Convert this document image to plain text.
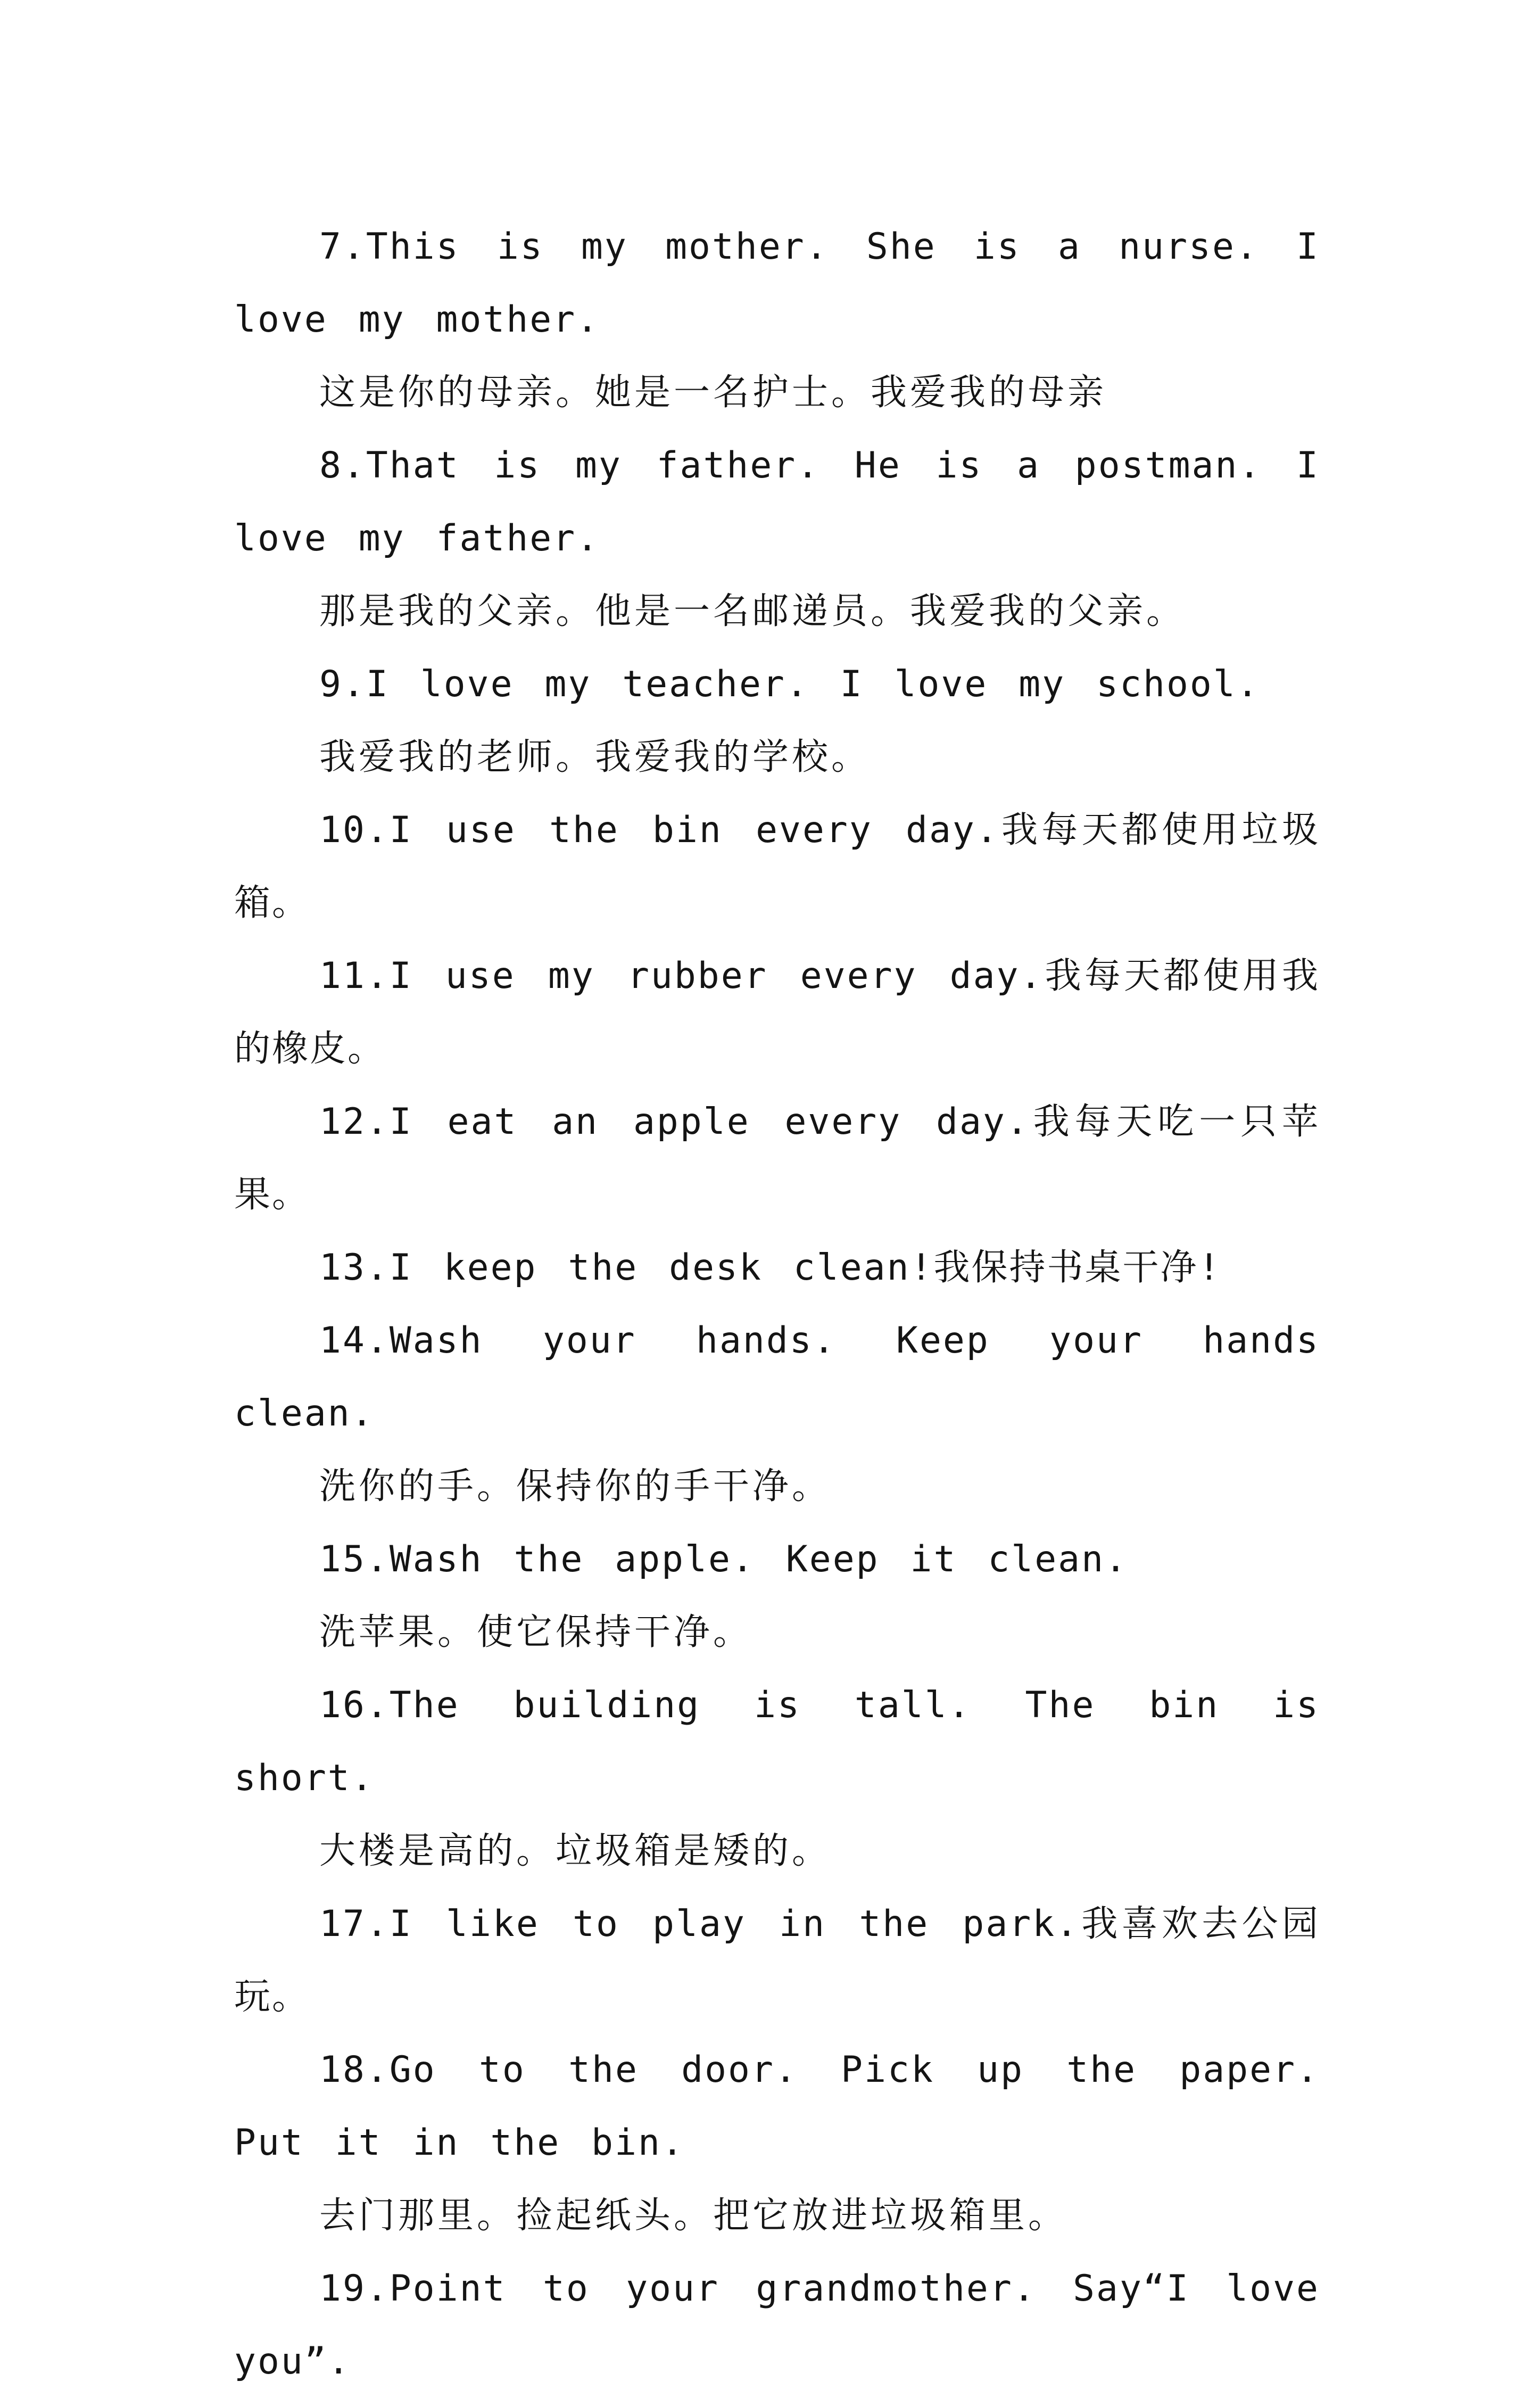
7.This is my mother. She is a nurse. I love my mother.

这是你的母亲。她是一名护士。我爱我的母亲

8.That is my father. He is a postman. I love my father.

那是我的父亲。他是一名邮递员。我爱我的父亲。

9.I love my teacher. I love my school.

我爱我的老师。我爱我的学校。

10.I use the bin every day.我每天都使用垃圾箱。

11.I use my rubber every day.我每天都使用我的橡皮。

12.I eat an apple every day.我每天吃一只苹果。

13.I keep the desk clean!我保持书桌干净!

14.Wash your hands. Keep your hands clean.

洗你的手。保持你的手干净。

15.Wash the apple. Keep it clean.

洗苹果。使它保持干净。

16.The building is tall. The bin is short.

大楼是高的。垃圾箱是矮的。

17.I like to play in the park.我喜欢去公园玩。

18.Go to the door. Pick up the paper. Put it in the bin.

去门那里。捡起纸头。把它放进垃圾箱里。

19.Point to your grandmother. Say“I love you”.
